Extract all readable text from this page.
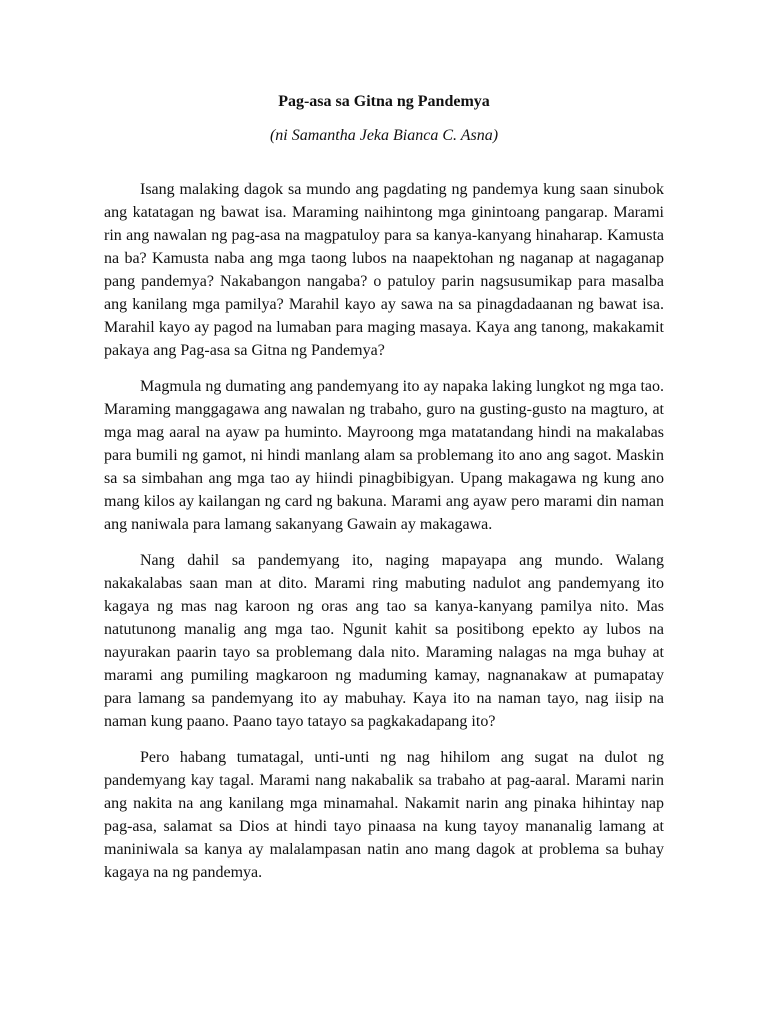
Pag-asa sa Gitna ng Pandemya

(ni Samantha Jeka Bianca C. Asna)

Isang malaking dagok sa mundo ang pagdating ng pandemya kung saan sinubok ang katatagan ng bawat isa. Maraming naihintong mga ginintoang pangarap. Marami rin ang nawalan ng pag-asa na magpatuloy para sa kanya-kanyang hinaharap. Kamusta na ba? Kamusta naba ang mga taong lubos na naapektohan ng naganap at nagaganap pang pandemya? Nakabangon nangaba? o patuloy parin nagsusumikap para masalba ang kanilang mga pamilya? Marahil kayo ay sawa na sa pinagdadaanan ng bawat isa. Marahil kayo ay pagod na lumaban para maging masaya. Kaya ang tanong, makakamit pakaya ang Pag-asa sa Gitna ng Pandemya?

Magmula ng dumating ang pandemyang ito ay napaka laking lungkot ng mga tao. Maraming manggagawa ang nawalan ng trabaho, guro na gusting-gusto na magturo, at mga mag aaral na ayaw pa huminto. Mayroong mga matatandang hindi na makalabas para bumili ng gamot, ni hindi manlang alam sa problemang ito ano ang sagot. Maskin sa sa simbahan ang mga tao ay hiindi pinagbibigyan. Upang makagawa ng kung ano mang kilos ay kailangan ng card ng bakuna. Marami ang ayaw pero marami din naman ang naniwala para lamang sakanyang Gawain ay makagawa.

Nang dahil sa pandemyang ito, naging mapayapa ang mundo. Walang nakakalabas saan man at dito. Marami ring mabuting nadulot ang pandemyang ito kagaya ng mas nag karoon ng oras ang tao sa kanya-kanyang pamilya nito. Mas natutunong manalig ang mga tao. Ngunit kahit sa positibong epekto ay lubos na nayurakan paarin tayo sa problemang dala nito. Maraming nalagas na mga buhay at marami ang pumiling magkaroon ng maduming kamay, nagnanakaw at pumapatay para lamang sa pandemyang ito ay mabuhay. Kaya ito na naman tayo, nag iisip na naman kung paano. Paano tayo tatayo sa pagkakadapang ito?

Pero habang tumatagal, unti-unti ng nag hihilom ang sugat na dulot ng pandemyang kay tagal. Marami nang nakabalik sa trabaho at pag-aaral. Marami narin ang nakita na ang kanilang mga minamahal. Nakamit narin ang pinaka hihintay nap pag-asa, salamat sa Dios at hindi tayo pinaasa na kung tayoy mananalig lamang at maniniwala sa kanya ay malalampasan natin ano mang dagok at problema sa buhay kagaya na ng pandemya.
